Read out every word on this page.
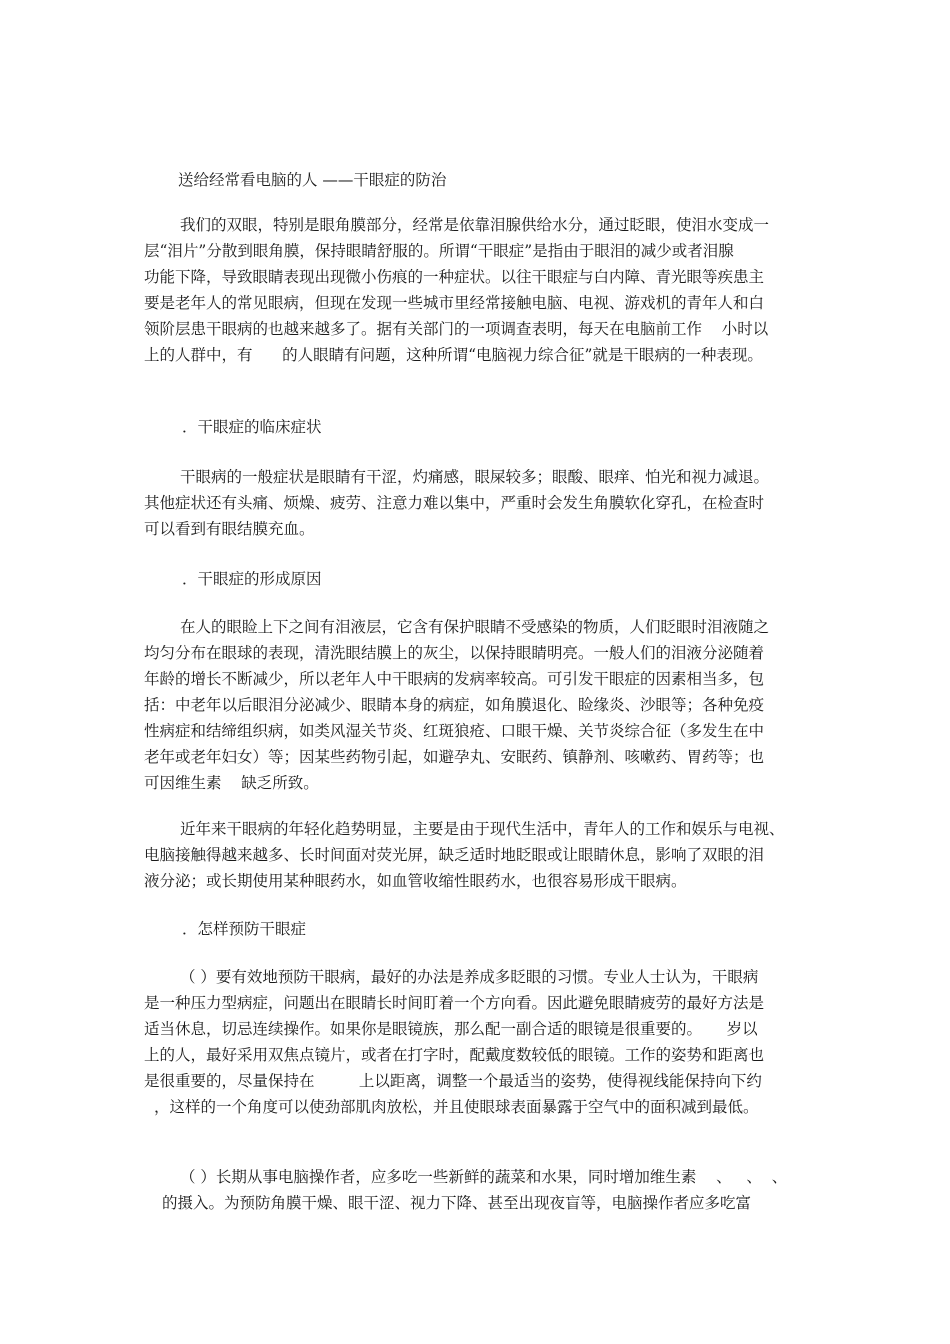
送给经常看电脑的人 ——干眼症的防治
我们的双眼，特别是眼角膜部分，经常是依靠泪腺供给水分，通过眨眼，使泪水变成一
层“泪片”分散到眼角膜，保持眼睛舒服的。所谓“干眼症”是指由于眼泪的减少或者泪腺
功能下降，导致眼睛表现出现微小伤痕的一种症状。以往干眼症与白内障、青光眼等疾患主
要是老年人的常见眼病，但现在发现一些城市里经常接触电脑、电视、游戏机的青年人和白
领阶层患干眼病的也越来越多了。据有关部门的一项调查表明，每天在电脑前工作    小时以
上的人群中，有      的人眼睛有问题，这种所谓“电脑视力综合征”就是干眼病的一种表现。
．干眼症的临床症状
干眼病的一般症状是眼睛有干涩，灼痛感，眼屎较多；眼酸、眼痒、怕光和视力减退。
其他症状还有头痛、烦燥、疲劳、注意力难以集中，严重时会发生角膜软化穿孔，在检查时
可以看到有眼结膜充血。
．干眼症的形成原因
在人的眼睑上下之间有泪液层，它含有保护眼睛不受感染的物质，人们眨眼时泪液随之
均匀分布在眼球的表现，清洗眼结膜上的灰尘，以保持眼睛明亮。一般人们的泪液分泌随着
年龄的增长不断减少，所以老年人中干眼病的发病率较高。可引发干眼症的因素相当多，包
括：中老年以后眼泪分泌减少、眼睛本身的病症，如角膜退化、睑缘炎、沙眼等；各种免疫
性病症和结缔组织病，如类风湿关节炎、红斑狼疮、口眼干燥、关节炎综合征（多发生在中
老年或老年妇女）等；因某些药物引起，如避孕丸、安眠药、镇静剂、咳嗽药、胃药等；也
可因维生素    缺乏所致。
近年来干眼病的年轻化趋势明显，主要是由于现代生活中，青年人的工作和娱乐与电视、
电脑接触得越来越多、长时间面对荧光屏，缺乏适时地眨眼或让眼睛休息，影响了双眼的泪
液分泌；或长期使用某种眼药水，如血管收缩性眼药水，也很容易形成干眼病。
．怎样预防干眼症
（ ）要有效地预防干眼病，最好的办法是养成多眨眼的习惯。专业人士认为，干眼病
是一种压力型病症，问题出在眼睛长时间盯着一个方向看。因此避免眼睛疲劳的最好方法是
适当休息，切忌连续操作。如果你是眼镜族，那么配一副合适的眼镜是很重要的。     岁以
上的人，最好采用双焦点镜片，或者在打字时，配戴度数较低的眼镜。工作的姿势和距离也
是很重要的，尽量保持在         上以距离，调整一个最适当的姿势，使得视线能保持向下约
，这样的一个角度可以使劲部肌肉放松，并且使眼球表面暴露于空气中的面积减到最低。
（ ）长期从事电脑操作者，应多吃一些新鲜的蔬菜和水果，同时增加维生素    、   、  、
的摄入。为预防角膜干燥、眼干涩、视力下降、甚至出现夜盲等，电脑操作者应多吃富
